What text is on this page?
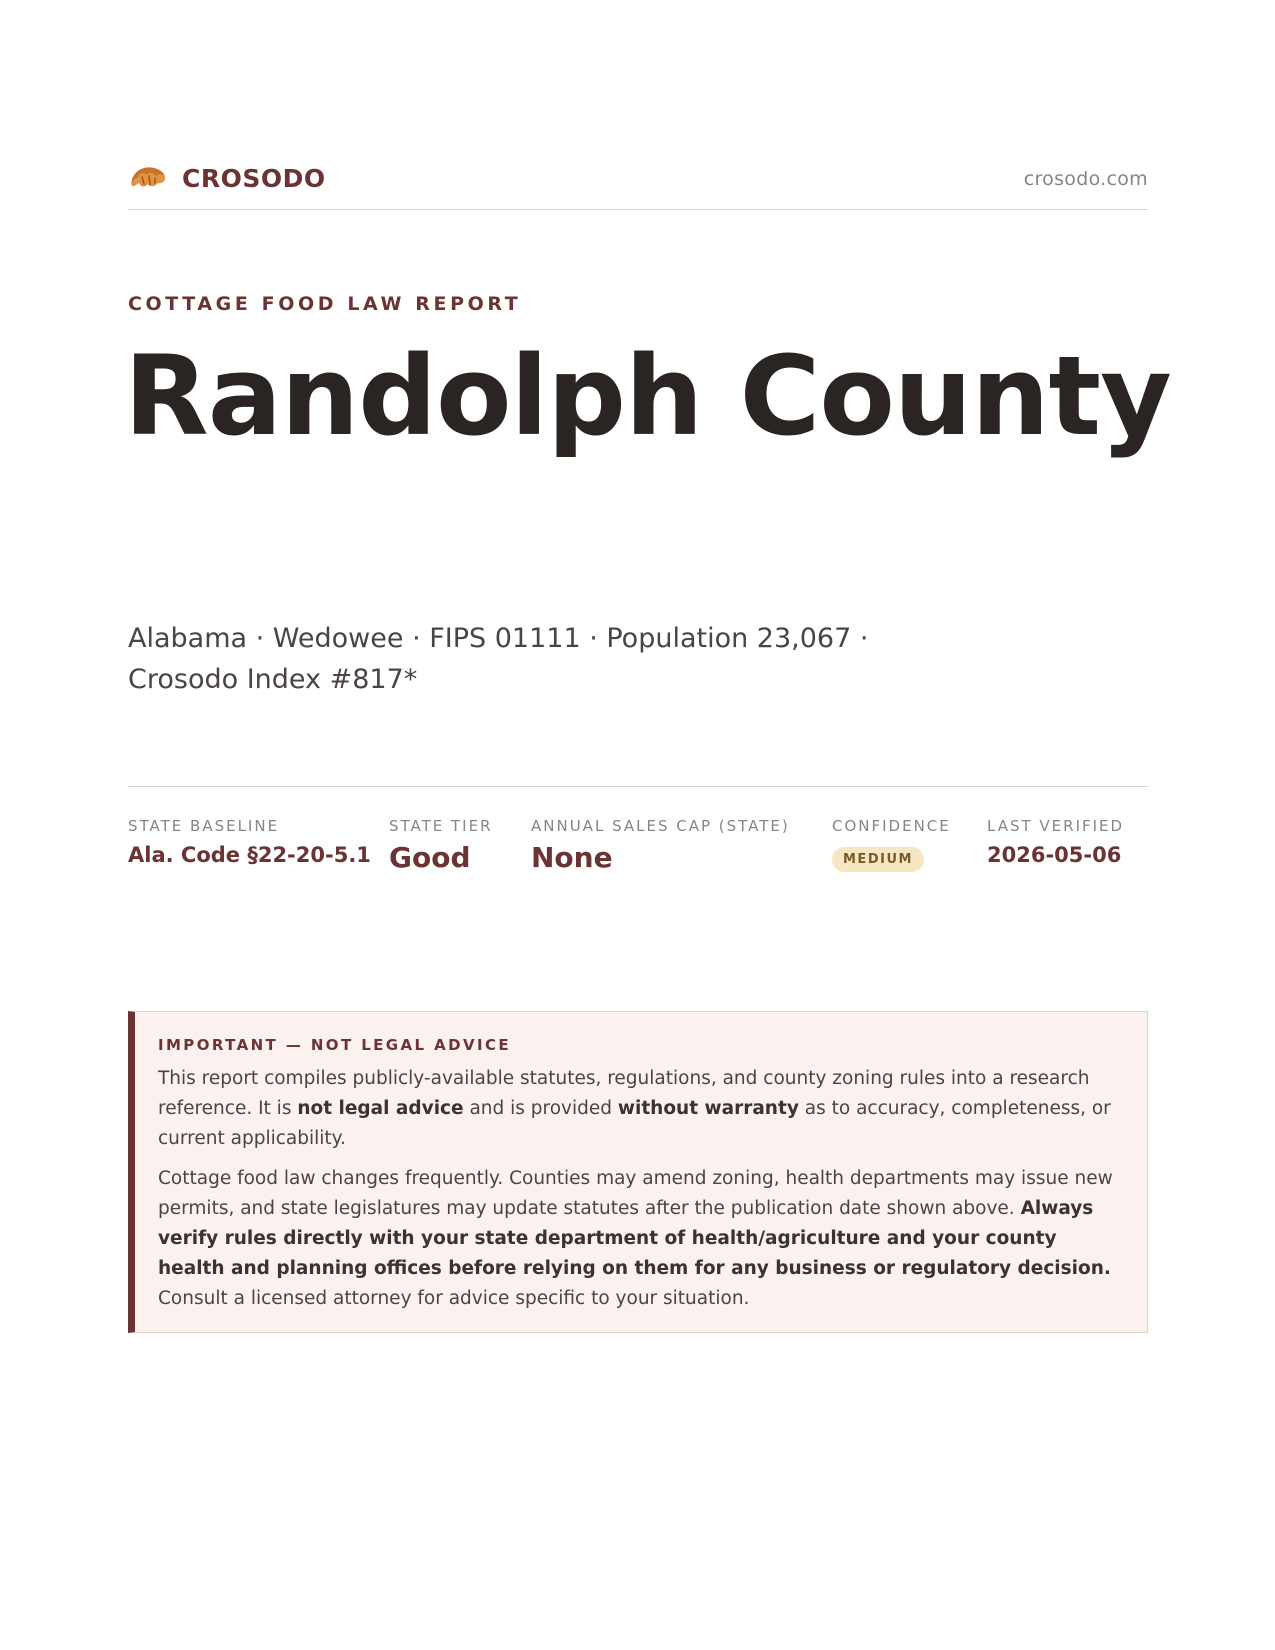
CROSODO	crosodo.com
COTTAGE FOOD LAW REPORT
Randolph County
Alabama · Wedowee · FIPS 01111 · Population 23,067 ·
Crosodo Index #817*
STATE BASELINE
Ala. Code §22-20-5.1
STATE TIER
Good
ANNUAL SALES CAP (STATE)
None
CONFIDENCE
MEDIUM
LAST VERIFIED
2026-05-06
IMPORTANT — NOT LEGAL ADVICE

This report compiles publicly-available statutes, regulations, and county zoning rules into a research reference. It is not legal advice and is provided without warranty as to accuracy, completeness, or current applicability.

Cottage food law changes frequently. Counties may amend zoning, health departments may issue new permits, and state legislatures may update statutes after the publication date shown above. Always verify rules directly with your state department of health/agriculture and your county health and planning offices before relying on them for any business or regulatory decision. Consult a licensed attorney for advice specific to your situation.
